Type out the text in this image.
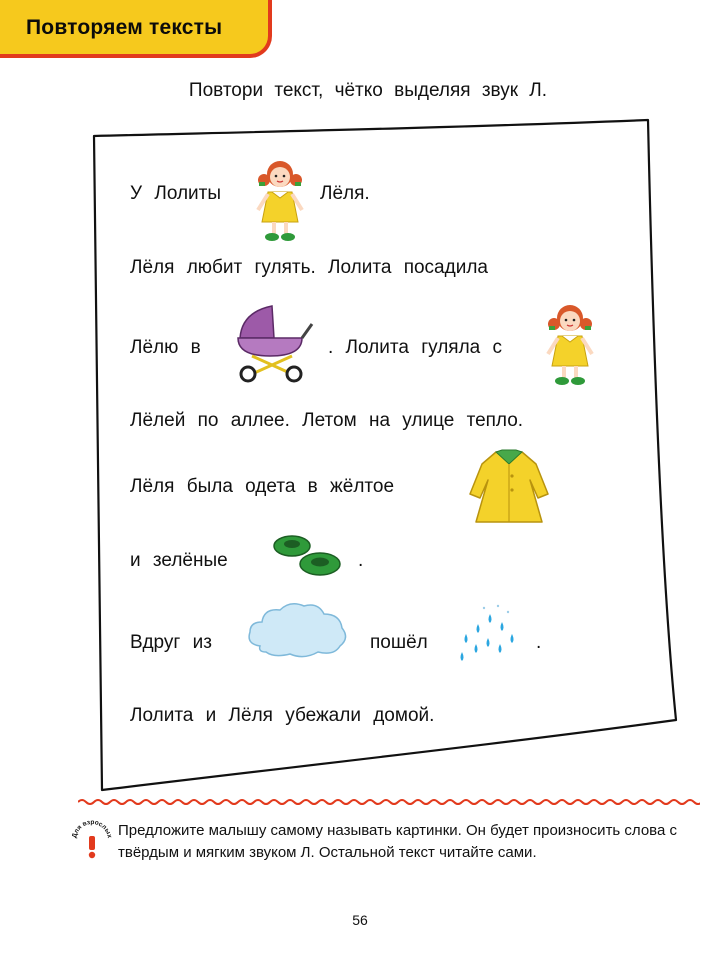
Повторяем тексты
Повтори текст, чётко выделяя звук Л.
У Лолиты	Лёля.
Лёля любит гулять. Лолита посадила
Лёлю в	. Лолита гуляла с
Лёлей по аллее. Летом на улице тепло.
Лёля была одета в жёлтое
и зелёные	.
Вдруг из	пошёл	.
Лолита и Лёля убежали домой.
ля взрослы Предложите малышу самому называть картинки. Он будет произносить слова с твёрдым и мягким звуком Л. Остальной текст читайте сами.
56
